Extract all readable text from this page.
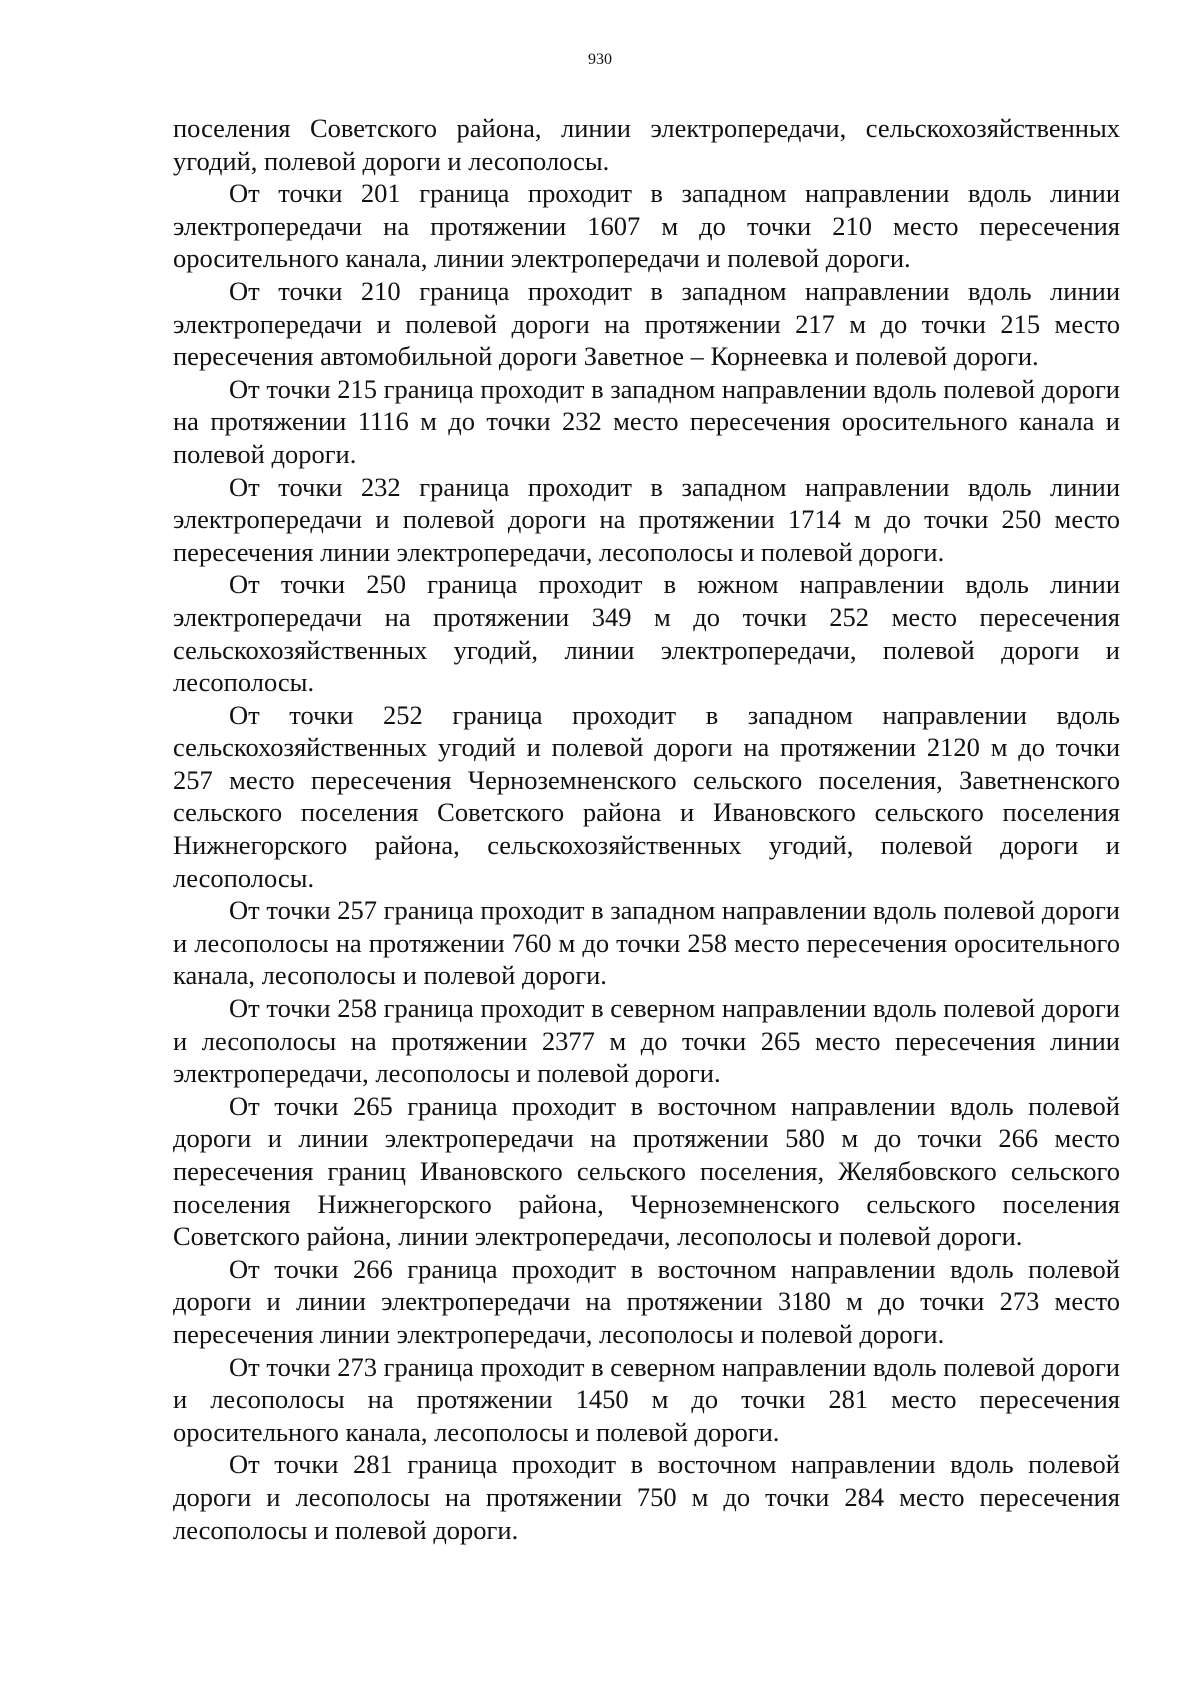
930

поселения Советского района, линии электропередачи, сельскохозяйственных угодий, полевой дороги и лесополосы.

От точки 201 граница проходит в западном направлении вдоль линии электропередачи на протяжении 1607 м до точки 210 место пересечения оросительного канала, линии электропередачи и полевой дороги.

От точки 210 граница проходит в западном направлении вдоль линии электропередачи и полевой дороги на протяжении 217 м до точки 215 место пересечения автомобильной дороги Заветное – Корнеевка и полевой дороги.

От точки 215 граница проходит в западном направлении вдоль полевой дороги на протяжении 1116 м до точки 232 место пересечения оросительного канала и полевой дороги.

От точки 232 граница проходит в западном направлении вдоль линии электропередачи и полевой дороги на протяжении 1714 м до точки 250 место пересечения линии электропередачи, лесополосы и полевой дороги.

От точки 250 граница проходит в южном направлении вдоль линии электропередачи на протяжении 349 м до точки 252 место пересечения сельскохозяйственных угодий, линии электропередачи, полевой дороги и лесополосы.

От точки 252 граница проходит в западном направлении вдоль сельскохозяйственных угодий и полевой дороги на протяжении 2120 м до точки 257 место пересечения Черноземненского сельского поселения, Заветненского сельского поселения Советского района и Ивановского сельского поселения Нижнегорского района, сельскохозяйственных угодий, полевой дороги и лесополосы.

От точки 257 граница проходит в западном направлении вдоль полевой дороги и лесополосы на протяжении 760 м до точки 258 место пересечения оросительного канала, лесополосы и полевой дороги.

От точки 258 граница проходит в северном направлении вдоль полевой дороги и лесополосы на протяжении 2377 м до точки 265 место пересечения линии электропередачи, лесополосы и полевой дороги.

От точки 265 граница проходит в восточном направлении вдоль полевой дороги и линии электропередачи на протяжении 580 м до точки 266 место пересечения границ Ивановского сельского поселения, Желябовского сельского поселения Нижнегорского района, Черноземненского сельского поселения Советского района, линии электропередачи, лесополосы и полевой дороги.

От точки 266 граница проходит в восточном направлении вдоль полевой дороги и линии электропередачи на протяжении 3180 м до точки 273 место пересечения линии электропередачи, лесополосы и полевой дороги.

От точки 273 граница проходит в северном направлении вдоль полевой дороги и лесополосы на протяжении 1450 м до точки 281 место пересечения оросительного канала, лесополосы и полевой дороги.

От точки 281 граница проходит в восточном направлении вдоль полевой дороги и лесополосы на протяжении 750 м до точки 284 место пересечения лесополосы и полевой дороги.
